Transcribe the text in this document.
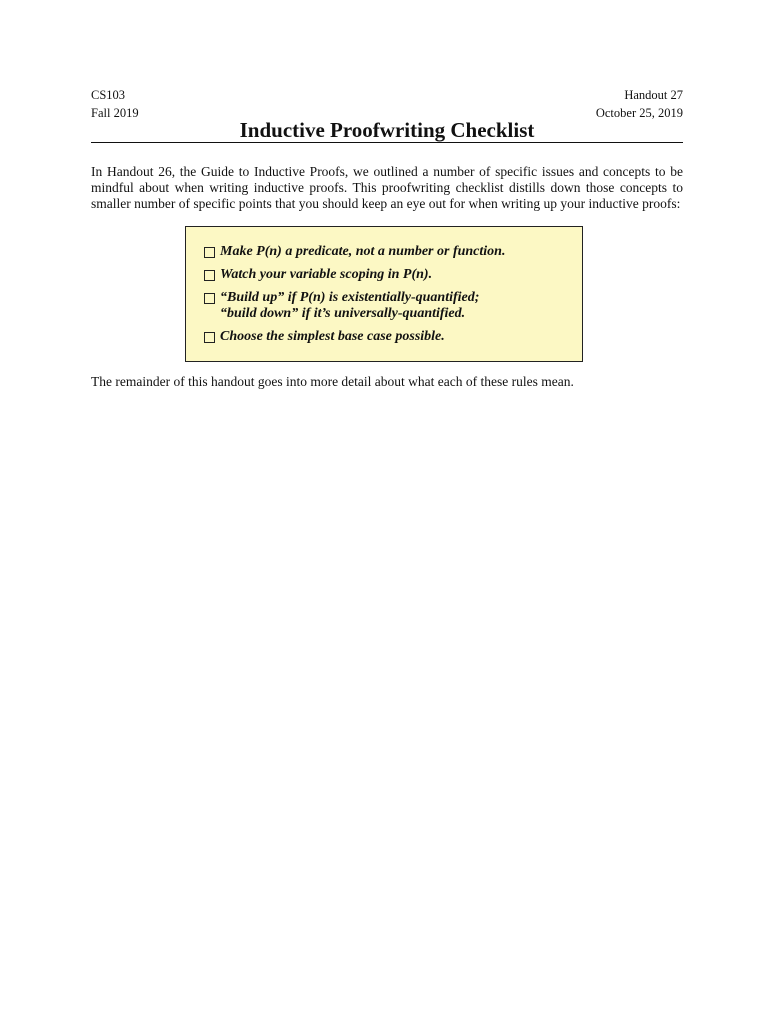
CS103	Handout 27
Fall 2019	October 25, 2019
Inductive Proofwriting Checklist

In Handout 26, the Guide to Inductive Proofs, we outlined a number of specific issues and concepts to be mindful about when writing inductive proofs. This proofwriting checklist distills down those concepts to smaller number of specific points that you should keep an eye out for when writing up your inductive proofs:

Make P(n) a predicate, not a number or function.
Watch your variable scoping in P(n).
“Build up” if P(n) is existentially-quantified;
“build down” if it’s universally-quantified.
Choose the simplest base case possible.

The remainder of this handout goes into more detail about what each of these rules mean.
